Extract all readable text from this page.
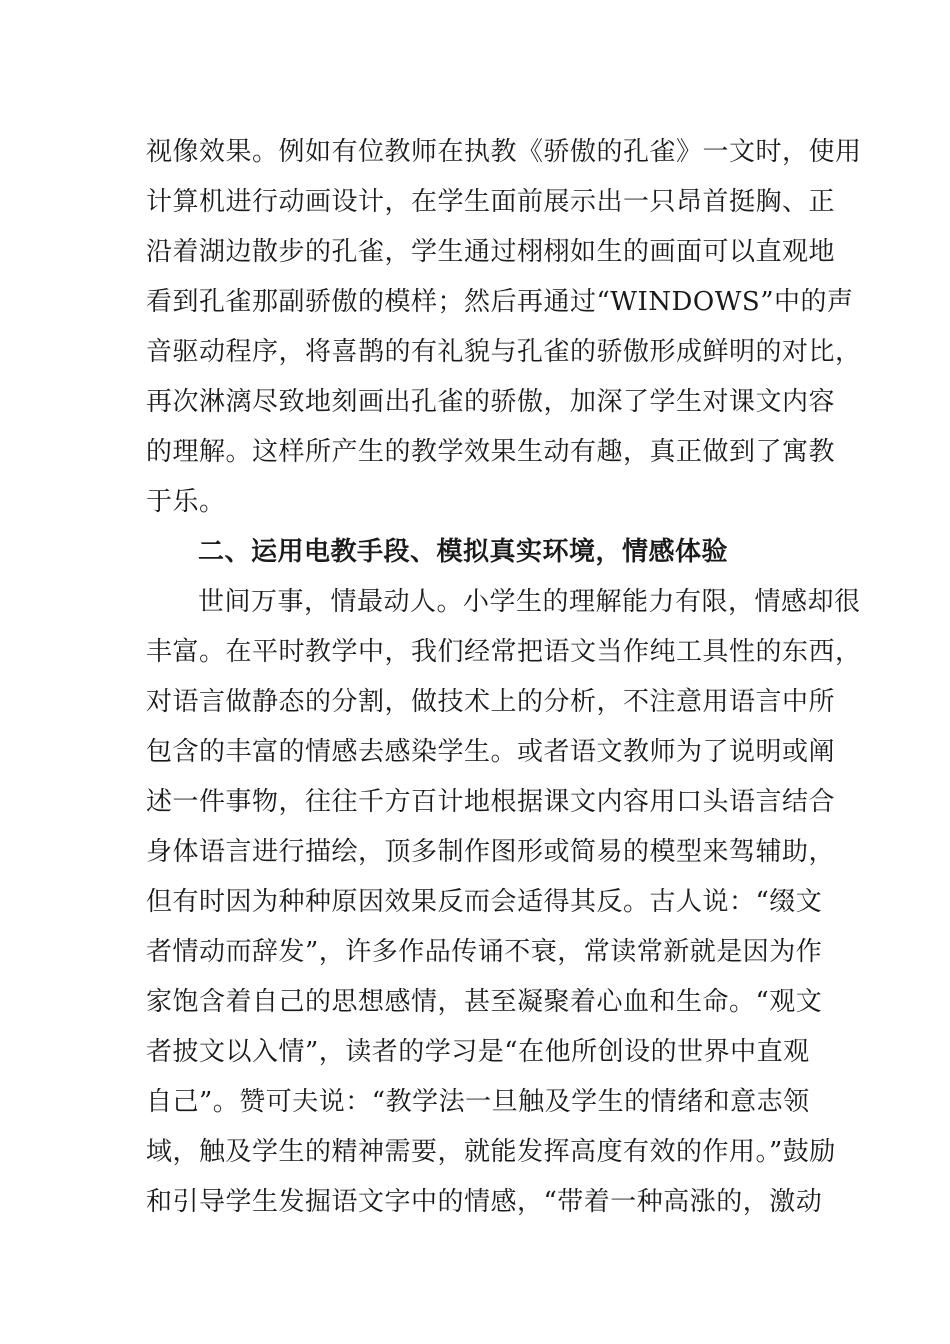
视像效果。例如有位教师在执教《骄傲的孔雀》一文时，使用
计算机进行动画设计，在学生面前展示出一只昂首挺胸、正
沿着湖边散步的孔雀，学生通过栩栩如生的画面可以直观地
看到孔雀那副骄傲的模样；然后再通过“WINDOWS”中的声
音驱动程序，将喜鹊的有礼貌与孔雀的骄傲形成鲜明的对比，
再次淋漓尽致地刻画出孔雀的骄傲，加深了学生对课文内容
的理解。这样所产生的教学效果生动有趣，真正做到了寓教
于乐。
二、运用电教手段、模拟真实环境，情感体验
世间万事，情最动人。小学生的理解能力有限，情感却很
丰富。在平时教学中，我们经常把语文当作纯工具性的东西，
对语言做静态的分割，做技术上的分析，不注意用语言中所
包含的丰富的情感去感染学生。或者语文教师为了说明或阐
述一件事物，往往千方百计地根据课文内容用口头语言结合
身体语言进行描绘，顶多制作图形或简易的模型来驾辅助，
但有时因为种种原因效果反而会适得其反。古人说：“缀文
者情动而辞发”，许多作品传诵不衰，常读常新就是因为作
家饱含着自己的思想感情，甚至凝聚着心血和生命。“观文
者披文以入情”，读者的学习是“在他所创设的世界中直观
自己”。赞可夫说：“教学法一旦触及学生的情绪和意志领
域，触及学生的精神需要，就能发挥高度有效的作用。”鼓励
和引导学生发掘语文字中的情感，“带着一种高涨的，激动
